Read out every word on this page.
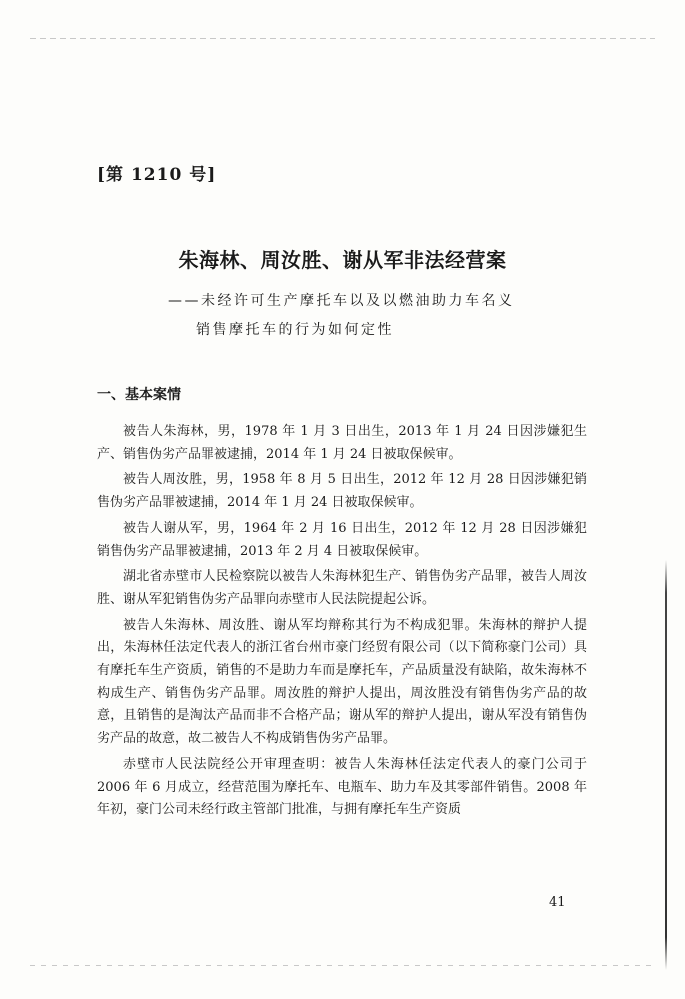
[第 1210 号]
朱海林、周汝胜、谢从军非法经营案
——未经许可生产摩托车以及以燃油助力车名义
销售摩托车的行为如何定性
一、基本案情

被告人朱海林，男，1978 年 1 月 3 日出生，2013 年 1 月 24 日因涉嫌犯生产、销售伪劣产品罪被逮捕，2014 年 1 月 24 日被取保候审。

被告人周汝胜，男，1958 年 8 月 5 日出生，2012 年 12 月 28 日因涉嫌犯销售伪劣产品罪被逮捕，2014 年 1 月 24 日被取保候审。

被告人谢从军，男，1964 年 2 月 16 日出生，2012 年 12 月 28 日因涉嫌犯销售伪劣产品罪被逮捕，2013 年 2 月 4 日被取保候审。

湖北省赤壁市人民检察院以被告人朱海林犯生产、销售伪劣产品罪，被告人周汝胜、谢从军犯销售伪劣产品罪向赤壁市人民法院提起公诉。

被告人朱海林、周汝胜、谢从军均辩称其行为不构成犯罪。朱海林的辩护人提出，朱海林任法定代表人的浙江省台州市豪门经贸有限公司（以下简称豪门公司）具有摩托车生产资质，销售的不是助力车而是摩托车，产品质量没有缺陷，故朱海林不构成生产、销售伪劣产品罪。周汝胜的辩护人提出，周汝胜没有销售伪劣产品的故意，且销售的是淘汰产品而非不合格产品；谢从军的辩护人提出，谢从军没有销售伪劣产品的故意，故二被告人不构成销售伪劣产品罪。

赤壁市人民法院经公开审理查明：被告人朱海林任法定代表人的豪门公司于 2006 年 6 月成立，经营范围为摩托车、电瓶车、助力车及其零部件销售。2008 年年初，豪门公司未经行政主管部门批准，与拥有摩托车生产资质

41
